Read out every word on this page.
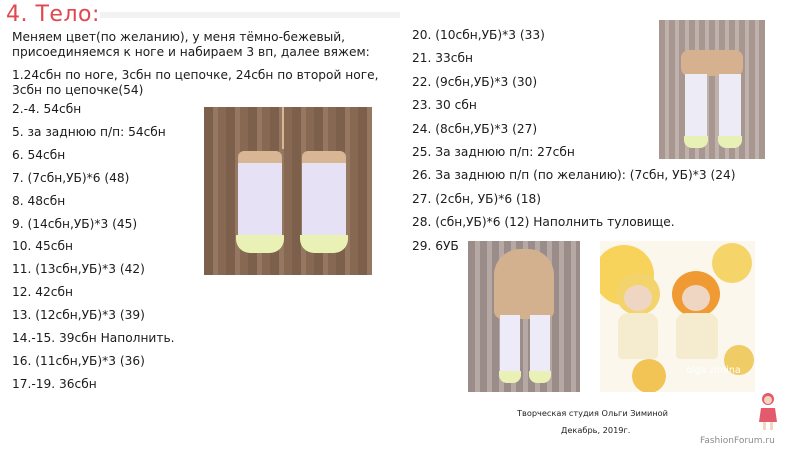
4. Тело:
Меняем цвет(по желанию), у меня тёмно-бежевый, присоединяемся к ноге и набираем 3 вп, далее вяжем:
1.24сбн по ноге, 3сбн по цепочке, 24сбн по второй ноге, 3сбн по цепочке(54)
2.-4. 54сбн
5. за заднюю п/п: 54сбн
6. 54сбн
7. (7сбн,УБ)*6 (48)
8. 48сбн
9. (14сбн,УБ)*3 (45)
10. 45сбн
11. (13сбн,УБ)*3 (42)
12. 42сбн
13. (12сбн,УБ)*3 (39)
14.-15. 39сбн Наполнить.
16. (11сбн,УБ)*3 (36)
17.-19. 36сбн
20. (10сбн,УБ)*3 (33)
21. 33сбн
22. (9сбн,УБ)*3 (30)
23. 30 сбн
24. (8сбн,УБ)*3 (27)
25. За заднюю п/п: 27сбн
26. За заднюю п/п (по желанию): (7сбн, УБ)*3 (24)
27. (2сбн, УБ)*6 (18)
28. (сбн,УБ)*6 (12) Наполнить туловище.
29. 6УБ
olga zimina
Творческая студия Ольги Зиминой
Декабрь, 2019г.
FashionForum.ru
